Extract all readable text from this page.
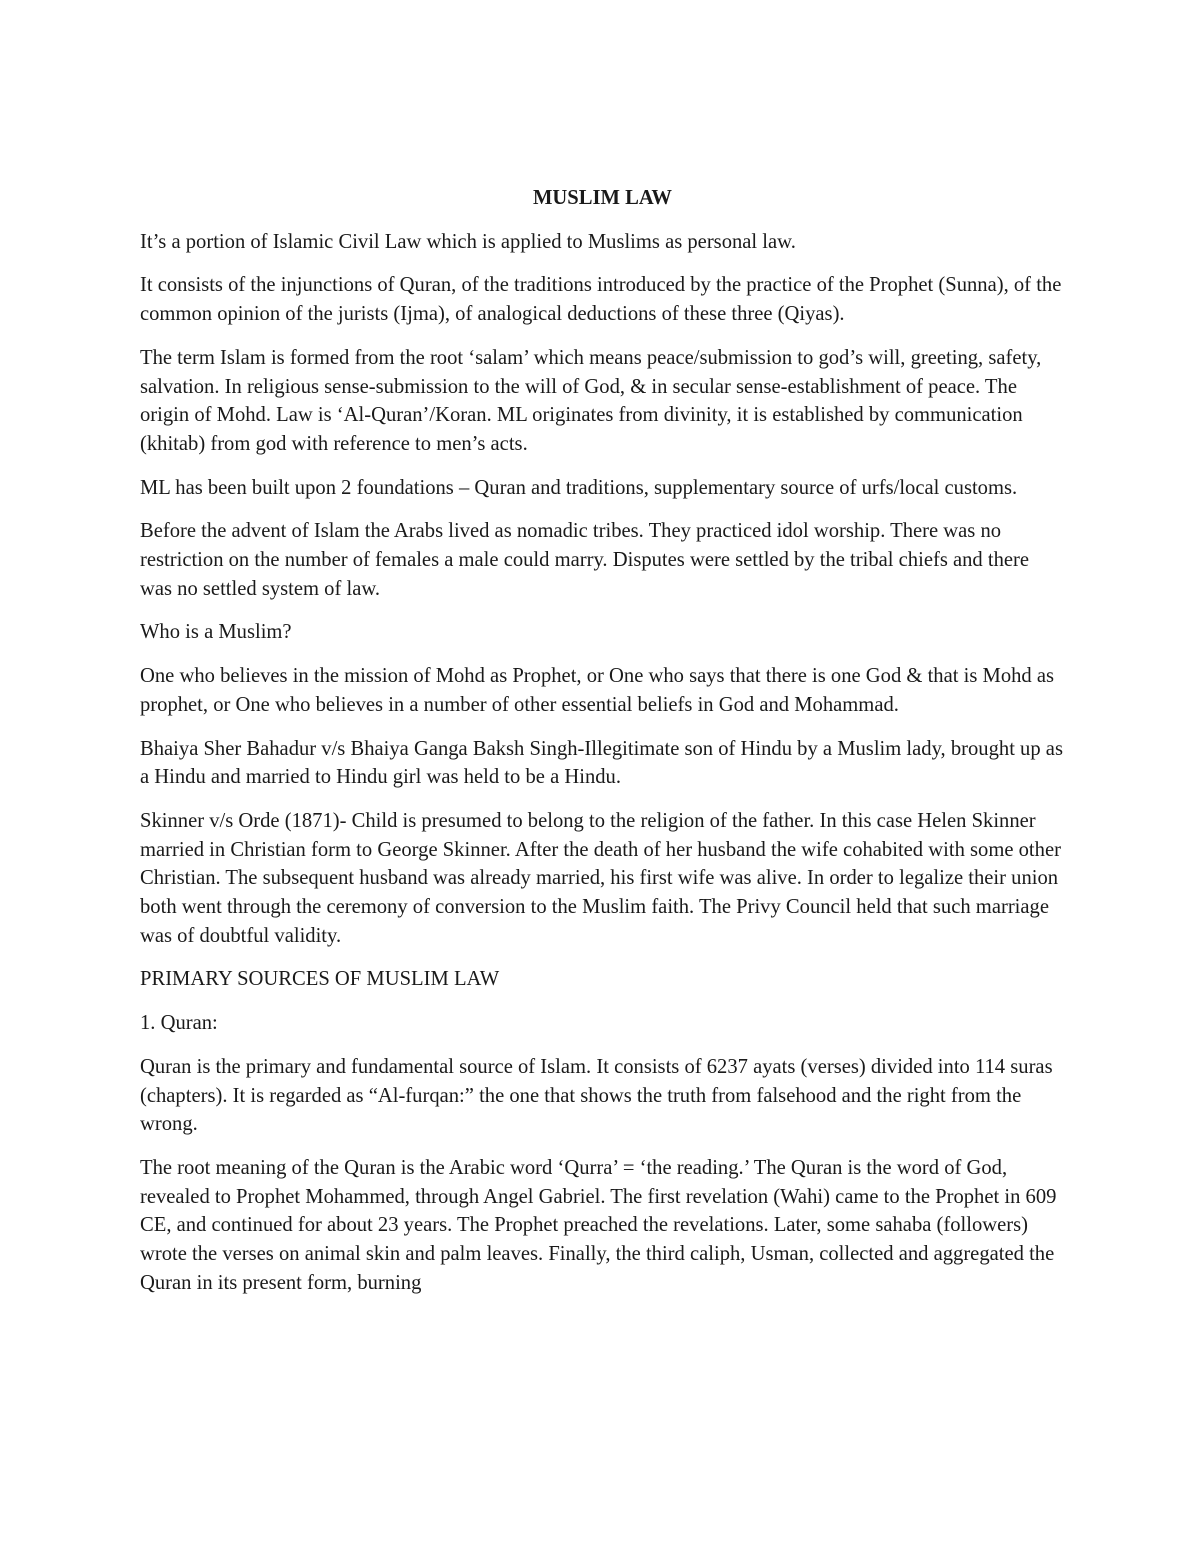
MUSLIM LAW

It’s a portion of Islamic Civil Law which is applied to Muslims as personal law.

It consists of the injunctions of Quran, of the traditions introduced by the practice of the Prophet (Sunna), of the common opinion of the jurists (Ijma), of analogical deductions of these three (Qiyas).

The term Islam is formed from the root ‘salam’ which means peace/submission to god’s will, greeting, safety, salvation. In religious sense-submission to the will of God, & in secular sense-establishment of peace. The origin of Mohd. Law is ‘Al-Quran’/Koran. ML originates from divinity, it is established by communication (khitab) from god with reference to men’s acts.

ML has been built upon 2 foundations – Quran and traditions, supplementary source of urfs/local customs.

Before the advent of Islam the Arabs lived as nomadic tribes. They practiced idol worship. There was no restriction on the number of females a male could marry. Disputes were settled by the tribal chiefs and there was no settled system of law.

Who is a Muslim?

One who believes in the mission of Mohd as Prophet, or One who says that there is one God & that is Mohd as prophet, or One who believes in a number of other essential beliefs in God and Mohammad.

Bhaiya Sher Bahadur v/s Bhaiya Ganga Baksh Singh-Illegitimate son of Hindu by a Muslim lady, brought up as a Hindu and married to Hindu girl was held to be a Hindu.

Skinner v/s Orde (1871)- Child is presumed to belong to the religion of the father. In this case Helen Skinner married in Christian form to George Skinner. After the death of her husband the wife cohabited with some other Christian. The subsequent husband was already married, his first wife was alive. In order to legalize their union both went through the ceremony of conversion to the Muslim faith. The Privy Council held that such marriage was of doubtful validity.

PRIMARY SOURCES OF MUSLIM LAW

1. Quran:

Quran is the primary and fundamental source of Islam. It consists of 6237 ayats (verses) divided into 114 suras (chapters). It is regarded as “Al-furqan:” the one that shows the truth from falsehood and the right from the wrong.

The root meaning of the Quran is the Arabic word ‘Qurra’ = ‘the reading.’ The Quran is the word of God, revealed to Prophet Mohammed, through Angel Gabriel. The first revelation (Wahi) came to the Prophet in 609 CE, and continued for about 23 years. The Prophet preached the revelations. Later, some sahaba (followers) wrote the verses on animal skin and palm leaves. Finally, the third caliph, Usman, collected and aggregated the Quran in its present form, burning
